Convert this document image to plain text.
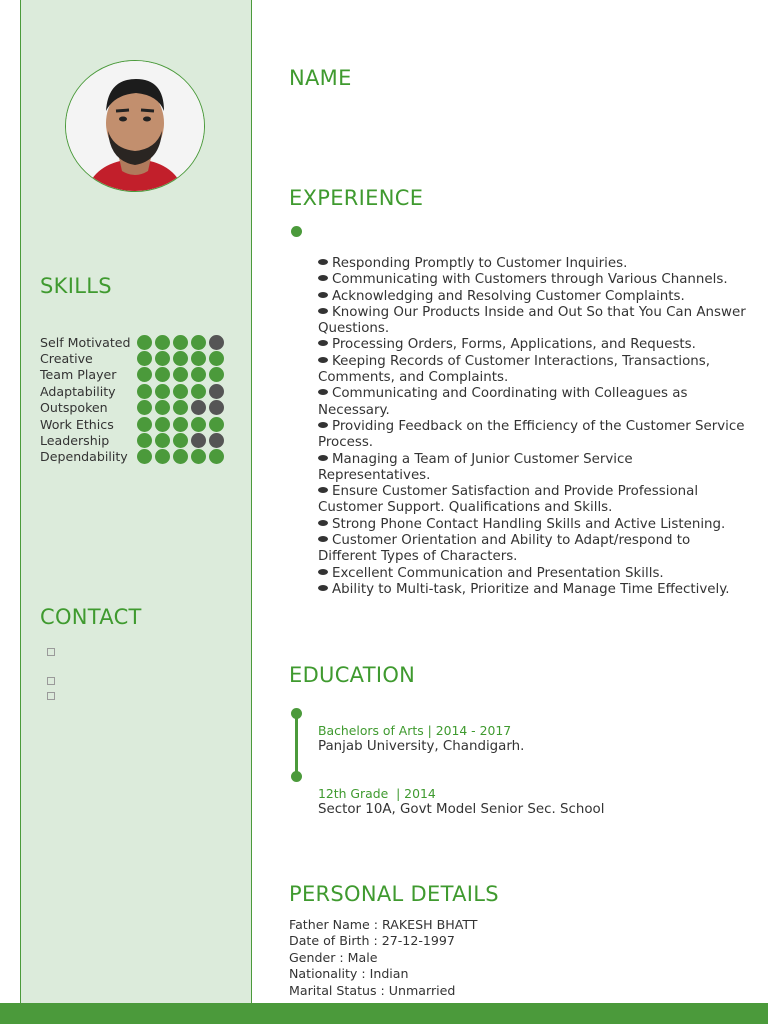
SKILLS
Self Motivated
Creative
Team Player
Adaptability
Outspoken
Work Ethics
Leadership
Dependability
CONTACT
NAME
EXPERIENCE
Responding Promptly to Customer Inquiries.
Communicating with Customers through Various Channels.
Acknowledging and Resolving Customer Complaints.
Knowing Our Products Inside and Out So that You Can Answer Questions.
Processing Orders, Forms, Applications, and Requests.
Keeping Records of Customer Interactions, Transactions, Comments, and Complaints.
Communicating and Coordinating with Colleagues as Necessary.
Providing Feedback on the Efficiency of the Customer Service Process.
Managing a Team of Junior Customer Service Representatives.
Ensure Customer Satisfaction and Provide Professional Customer Support. Qualifications and Skills.
Strong Phone Contact Handling Skills and Active Listening.
Customer Orientation and Ability to Adapt/respond to Different Types of Characters.
Excellent Communication and Presentation Skills.
Ability to Multi-task, Prioritize and Manage Time Effectively.
EDUCATION
Bachelors of Arts | 2014 - 2017
Panjab University, Chandigarh.
12th Grade  | 2014
Sector 10A, Govt Model Senior Sec. School
PERSONAL DETAILS
Father Name : RAKESH BHATT
Date of Birth : 27-12-1997
Gender : Male
Nationality : Indian
Marital Status : Unmarried
